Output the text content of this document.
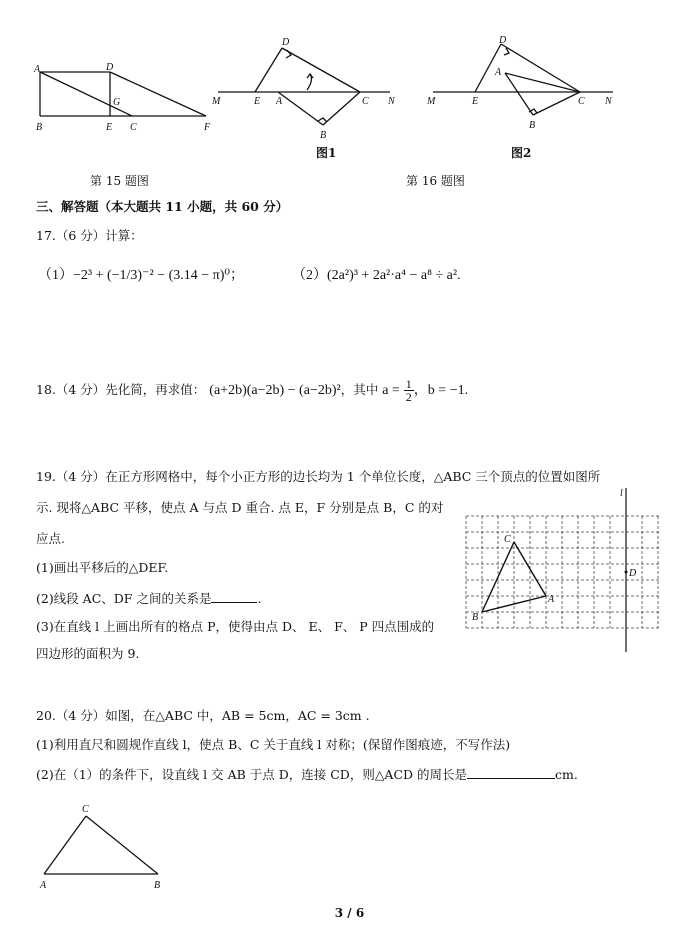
A	D
G
B	E C	F
第 15 题图
D
M	E A	C N
B
图1
D
A
M	E	C N
B
图2
第 16 题图
三、解答题（本大题共 11 小题，共 60 分）
17.（6 分）计算：
（1）−2³ + (−1/3)⁻² − (3.14 − π)⁰；	（2）(2a²)³ + 2a²·a⁴ − a⁸ ÷ a².
18.（4 分）先化简，再求值： (a+2b)(a−2b) − (a−2b)²，其中 $a = \frac{1}{2}$ ，b = −1.
19.（4 分）在正方形网格中，每个小正方形的边长均为 1 个单位长度，△ABC 三个顶点的位置如图所
示. 现将△ABC 平移，使点 A 与点 D 重合. 点 E，F 分别是点 B，C 的对
应点.
(1)画出平移后的△DEF.
(2)线段 AC、DF 之间的关系是	.
(3)在直线 l 上画出所有的格点 P，使得由点 D、 E、 F、 P 四点围成的
四边形的面积为 9.
l
C
D
A
B
20.（4 分）如图，在△ABC 中，AB = 5cm，AC = 3cm .
(1)利用直尺和圆规作直线 l，使点 B、C 关于直线 l 对称；(保留作图痕迹，不写作法)
(2)在（1）的条件下，设直线 l 交 AB 于点 D，连接 CD，则△ACD 的周长是	cm.
C
A	B
3 / 6
